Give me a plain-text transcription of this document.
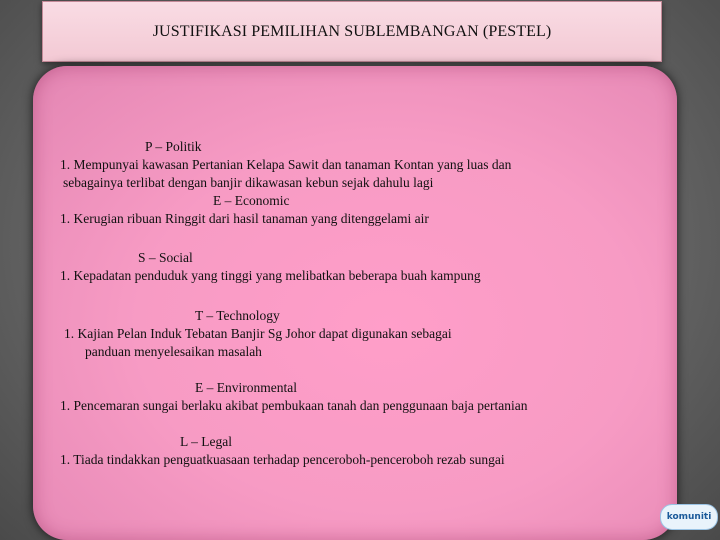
JUSTIFIKASI PEMILIHAN SUBLEMBANGAN (PESTEL)
P – Politik
1. Mempunyai kawasan Pertanian Kelapa Sawit dan tanaman Kontan yang luas dan
sebagainya terlibat dengan banjir dikawasan kebun sejak dahulu lagi
E – Economic
1. Kerugian ribuan Ringgit dari hasil tanaman yang ditenggelami air
S – Social
1. Kepadatan penduduk yang tinggi yang melibatkan beberapa buah kampung
T – Technology
1. Kajian Pelan Induk Tebatan Banjir Sg Johor dapat digunakan sebagai
panduan menyelesaikan masalah
E – Environmental
1. Pencemaran sungai berlaku akibat pembukaan tanah dan penggunaan baja pertanian
L – Legal
1. Tiada tindakkan penguatkuasaan terhadap penceroboh-penceroboh rezab sungai
komuniti
